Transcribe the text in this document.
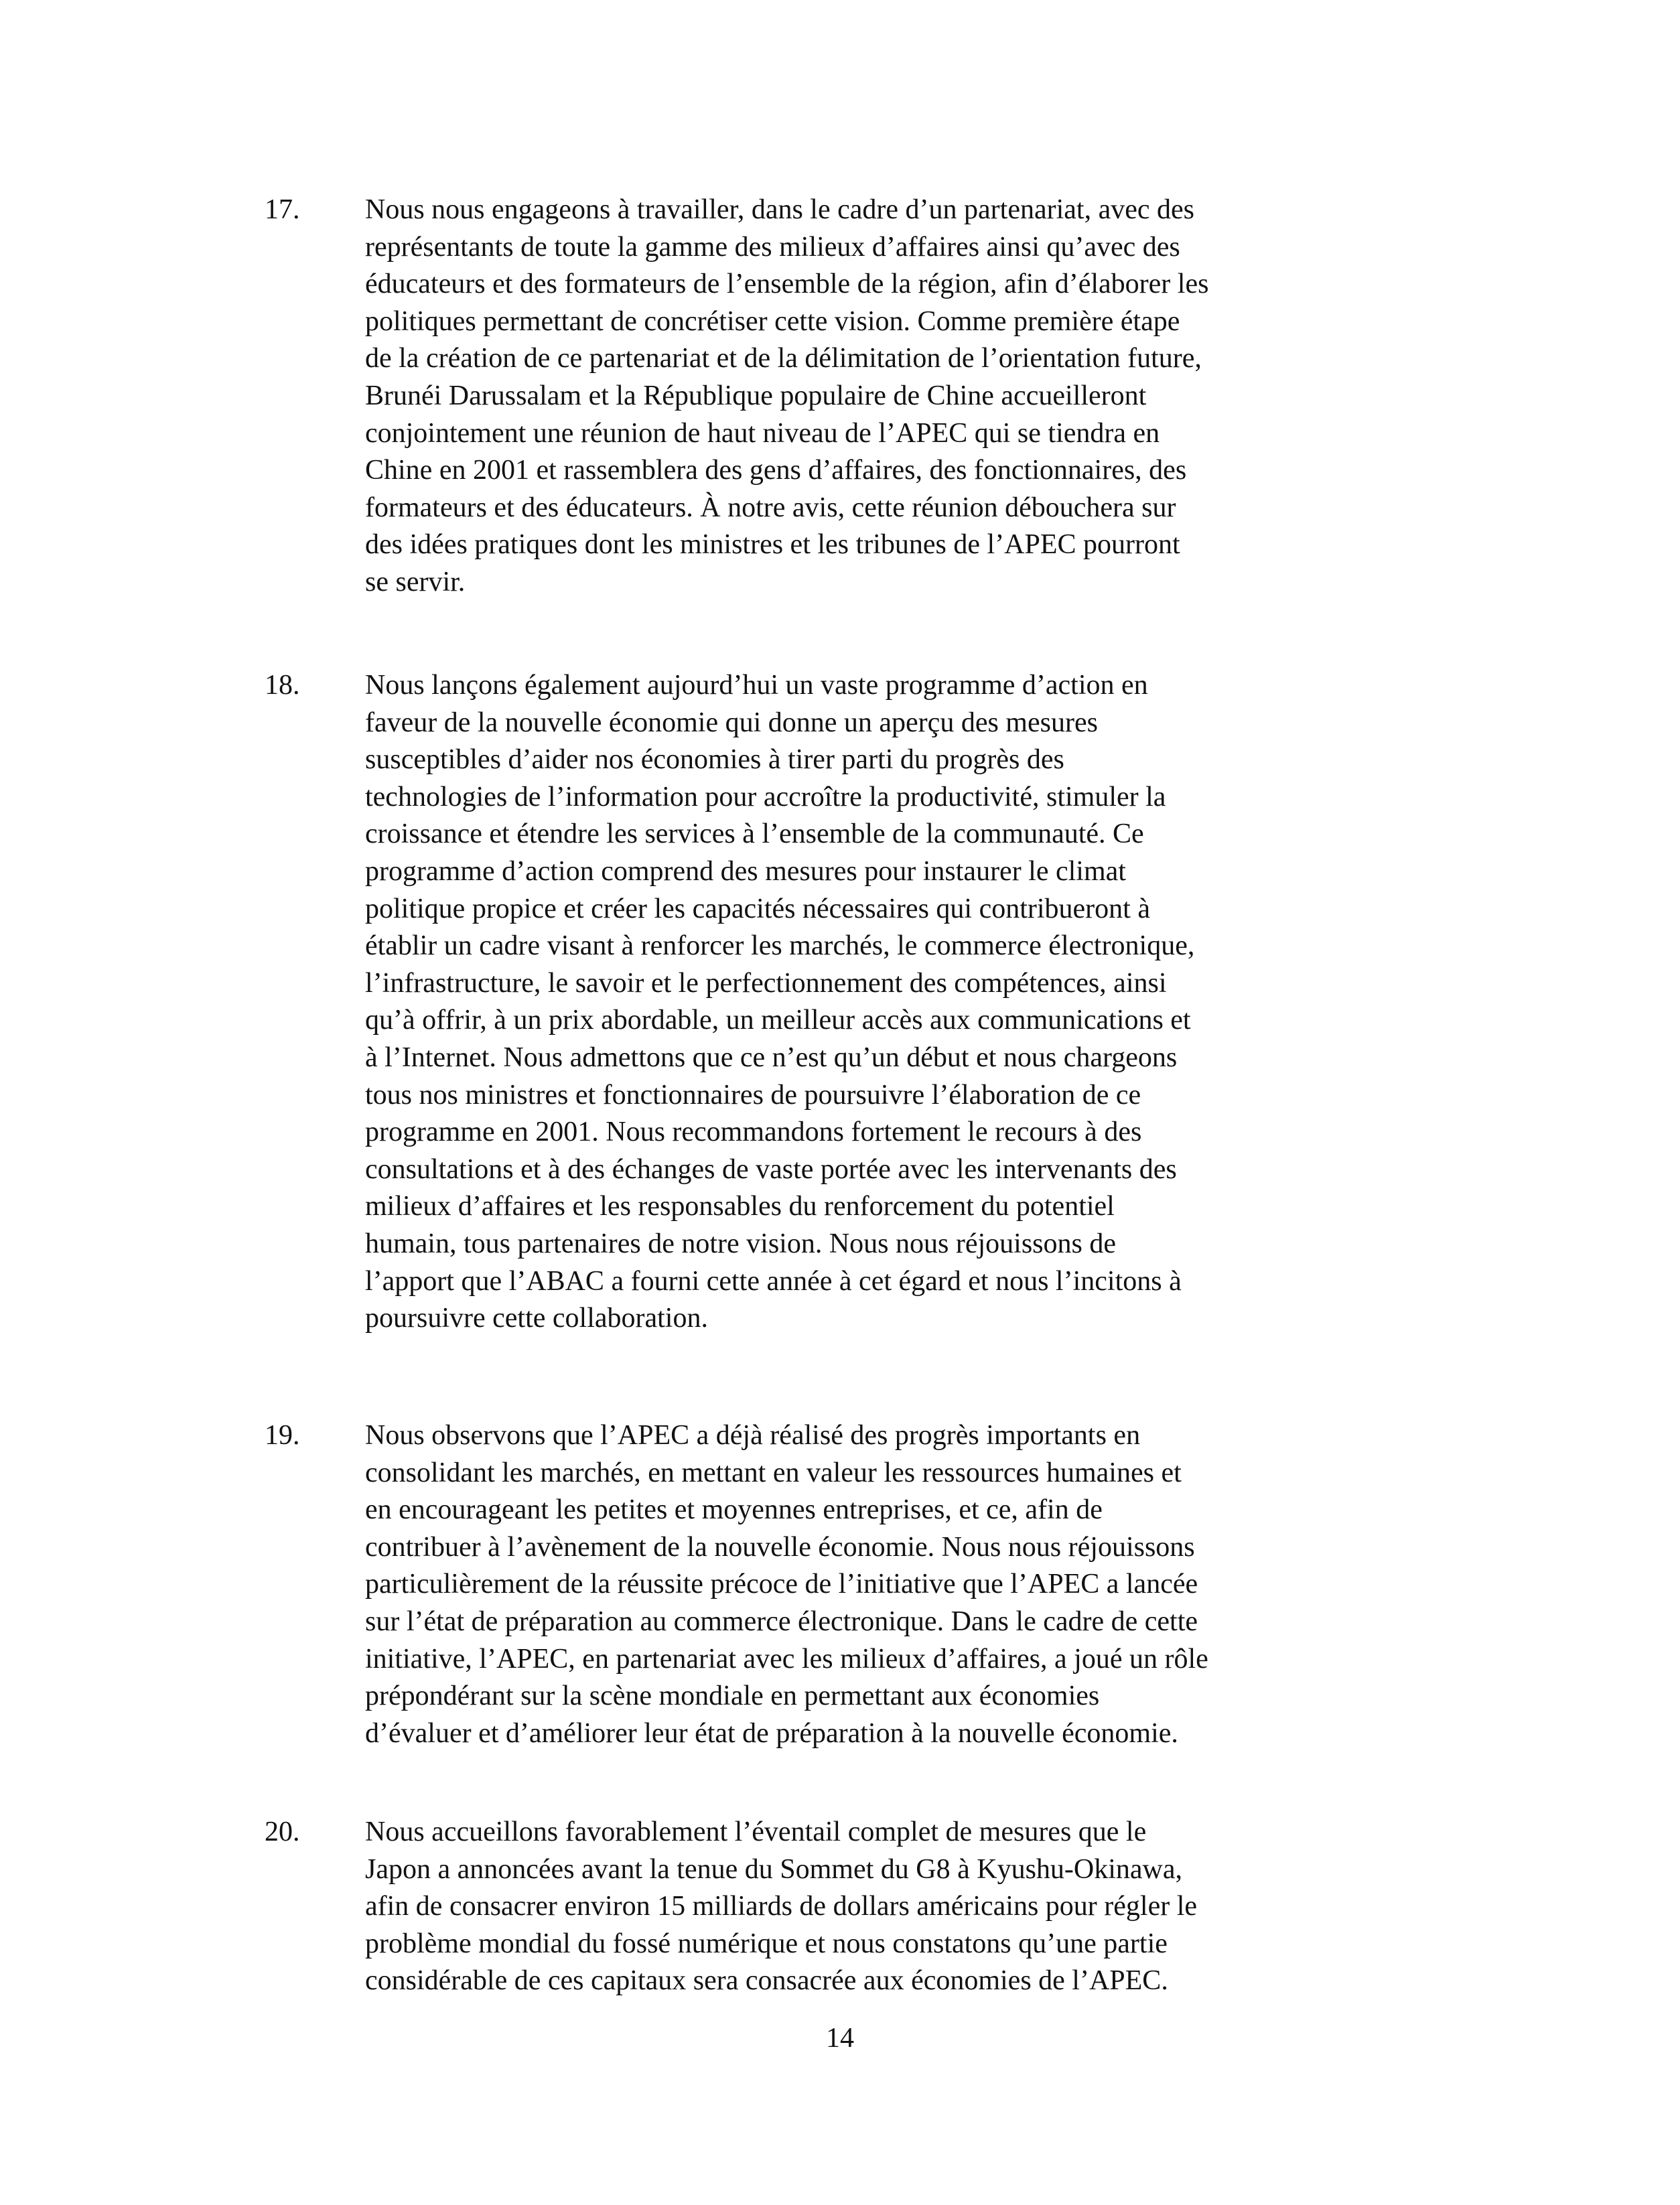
17. Nous nous engageons à travailler, dans le cadre d’un partenariat, avec des
représentants de toute la gamme des milieux d’affaires ainsi qu’avec des
éducateurs et des formateurs de l’ensemble de la région, afin d’élaborer les
politiques permettant de concrétiser cette vision. Comme première étape
de la création de ce partenariat et de la délimitation de l’orientation future,
Brunéi Darussalam et la République populaire de Chine accueilleront
conjointement une réunion de haut niveau de l’APEC qui se tiendra en
Chine en 2001 et rassemblera des gens d’affaires, des fonctionnaires, des
formateurs et des éducateurs. À notre avis, cette réunion débouchera sur
des idées pratiques dont les ministres et les tribunes de l’APEC pourront
se servir.

18. Nous lançons également aujourd’hui un vaste programme d’action en
faveur de la nouvelle économie qui donne un aperçu des mesures
susceptibles d’aider nos économies à tirer parti du progrès des
technologies de l’information pour accroître la productivité, stimuler la
croissance et étendre les services à l’ensemble de la communauté. Ce
programme d’action comprend des mesures pour instaurer le climat
politique propice et créer les capacités nécessaires qui contribueront à
établir un cadre visant à renforcer les marchés, le commerce électronique,
l’infrastructure, le savoir et le perfectionnement des compétences, ainsi
qu’à offrir, à un prix abordable, un meilleur accès aux communications et
à l’Internet. Nous admettons que ce n’est qu’un début et nous chargeons
tous nos ministres et fonctionnaires de poursuivre l’élaboration de ce
programme en 2001. Nous recommandons fortement le recours à des
consultations et à des échanges de vaste portée avec les intervenants des
milieux d’affaires et les responsables du renforcement du potentiel
humain, tous partenaires de notre vision. Nous nous réjouissons de
l’apport que l’ABAC a fourni cette année à cet égard et nous l’incitons à
poursuivre cette collaboration.

19. Nous observons que l’APEC a déjà réalisé des progrès importants en
consolidant les marchés, en mettant en valeur les ressources humaines et
en encourageant les petites et moyennes entreprises, et ce, afin de
contribuer à l’avènement de la nouvelle économie. Nous nous réjouissons
particulièrement de la réussite précoce de l’initiative que l’APEC a lancée
sur l’état de préparation au commerce électronique. Dans le cadre de cette
initiative, l’APEC, en partenariat avec les milieux d’affaires, a joué un rôle
prépondérant sur la scène mondiale en permettant aux économies
d’évaluer et d’améliorer leur état de préparation à la nouvelle économie.

20. Nous accueillons favorablement l’éventail complet de mesures que le
Japon a annoncées avant la tenue du Sommet du G8 à Kyushu-Okinawa,
afin de consacrer environ 15 milliards de dollars américains pour régler le
problème mondial du fossé numérique et nous constatons qu’une partie
considérable de ces capitaux sera consacrée aux économies de l’APEC.

14
